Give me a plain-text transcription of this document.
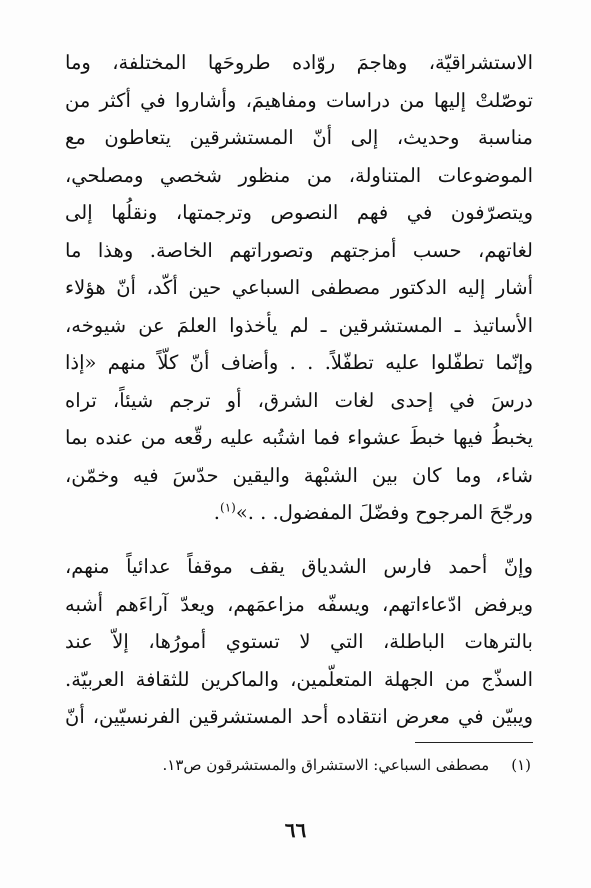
الاستشراقيّة، وهاجمَ روّاده طروحَها المختلفة، وما
توصّلتْ إليها من دراسات ومفاهيمَ، وأشاروا في أكثر من
مناسبة وحديث، إلى أنّ المستشرقين يتعاطون مع
الموضوعات المتناولة، من منظور شخصي ومصلحي،
ويتصرّفون في فهم النصوص وترجمتها، ونقلُها إلى
لغاتهم، حسب أمزجتهم وتصوراتهم الخاصة. وهذا ما
أشار إليه الدكتور مصطفى السباعي حين أكّد، أنّ هؤلاء
الأساتيذ ـ المستشرقين ـ لم يأخذوا العلمَ عن شيوخه،
وإنّما تطفّلوا عليه تطفّلاً. . . وأضاف أنّ كلّاً منهم «إذا
درسَ في إحدى لغات الشرق، أو ترجم شيئاً، تراه
يخبطُ فيها خبطَ عشواء فما اشتُبه عليه رقّعه من عنده بما
شاء، وما كان بين الشبْهة واليقين حدّسَ فيه وخمّن،
ورجّحَ المرجوح وفضّلَ المفضول. . .»$^{(١)}$.
وإنّ أحمد فارس الشدياق يقف موقفاً عدائياً منهم،
ويرفض ادّعاءاتهم، ويسفّه مزاعمَهم، ويعدّ آراءَهم أشبه
بالترهات الباطلة، التي لا تستوي أمورُها، إلاّ عند
السذّج من الجهلة المتعلّمين، والماكرين للثقافة العربيّة.
ويبيّن في معرض انتقاده أحد المستشرقين الفرنسيّين، أنّ
(١)مصطفى السباعي: الاستشراق والمستشرقون ص١٣.
٦٦
